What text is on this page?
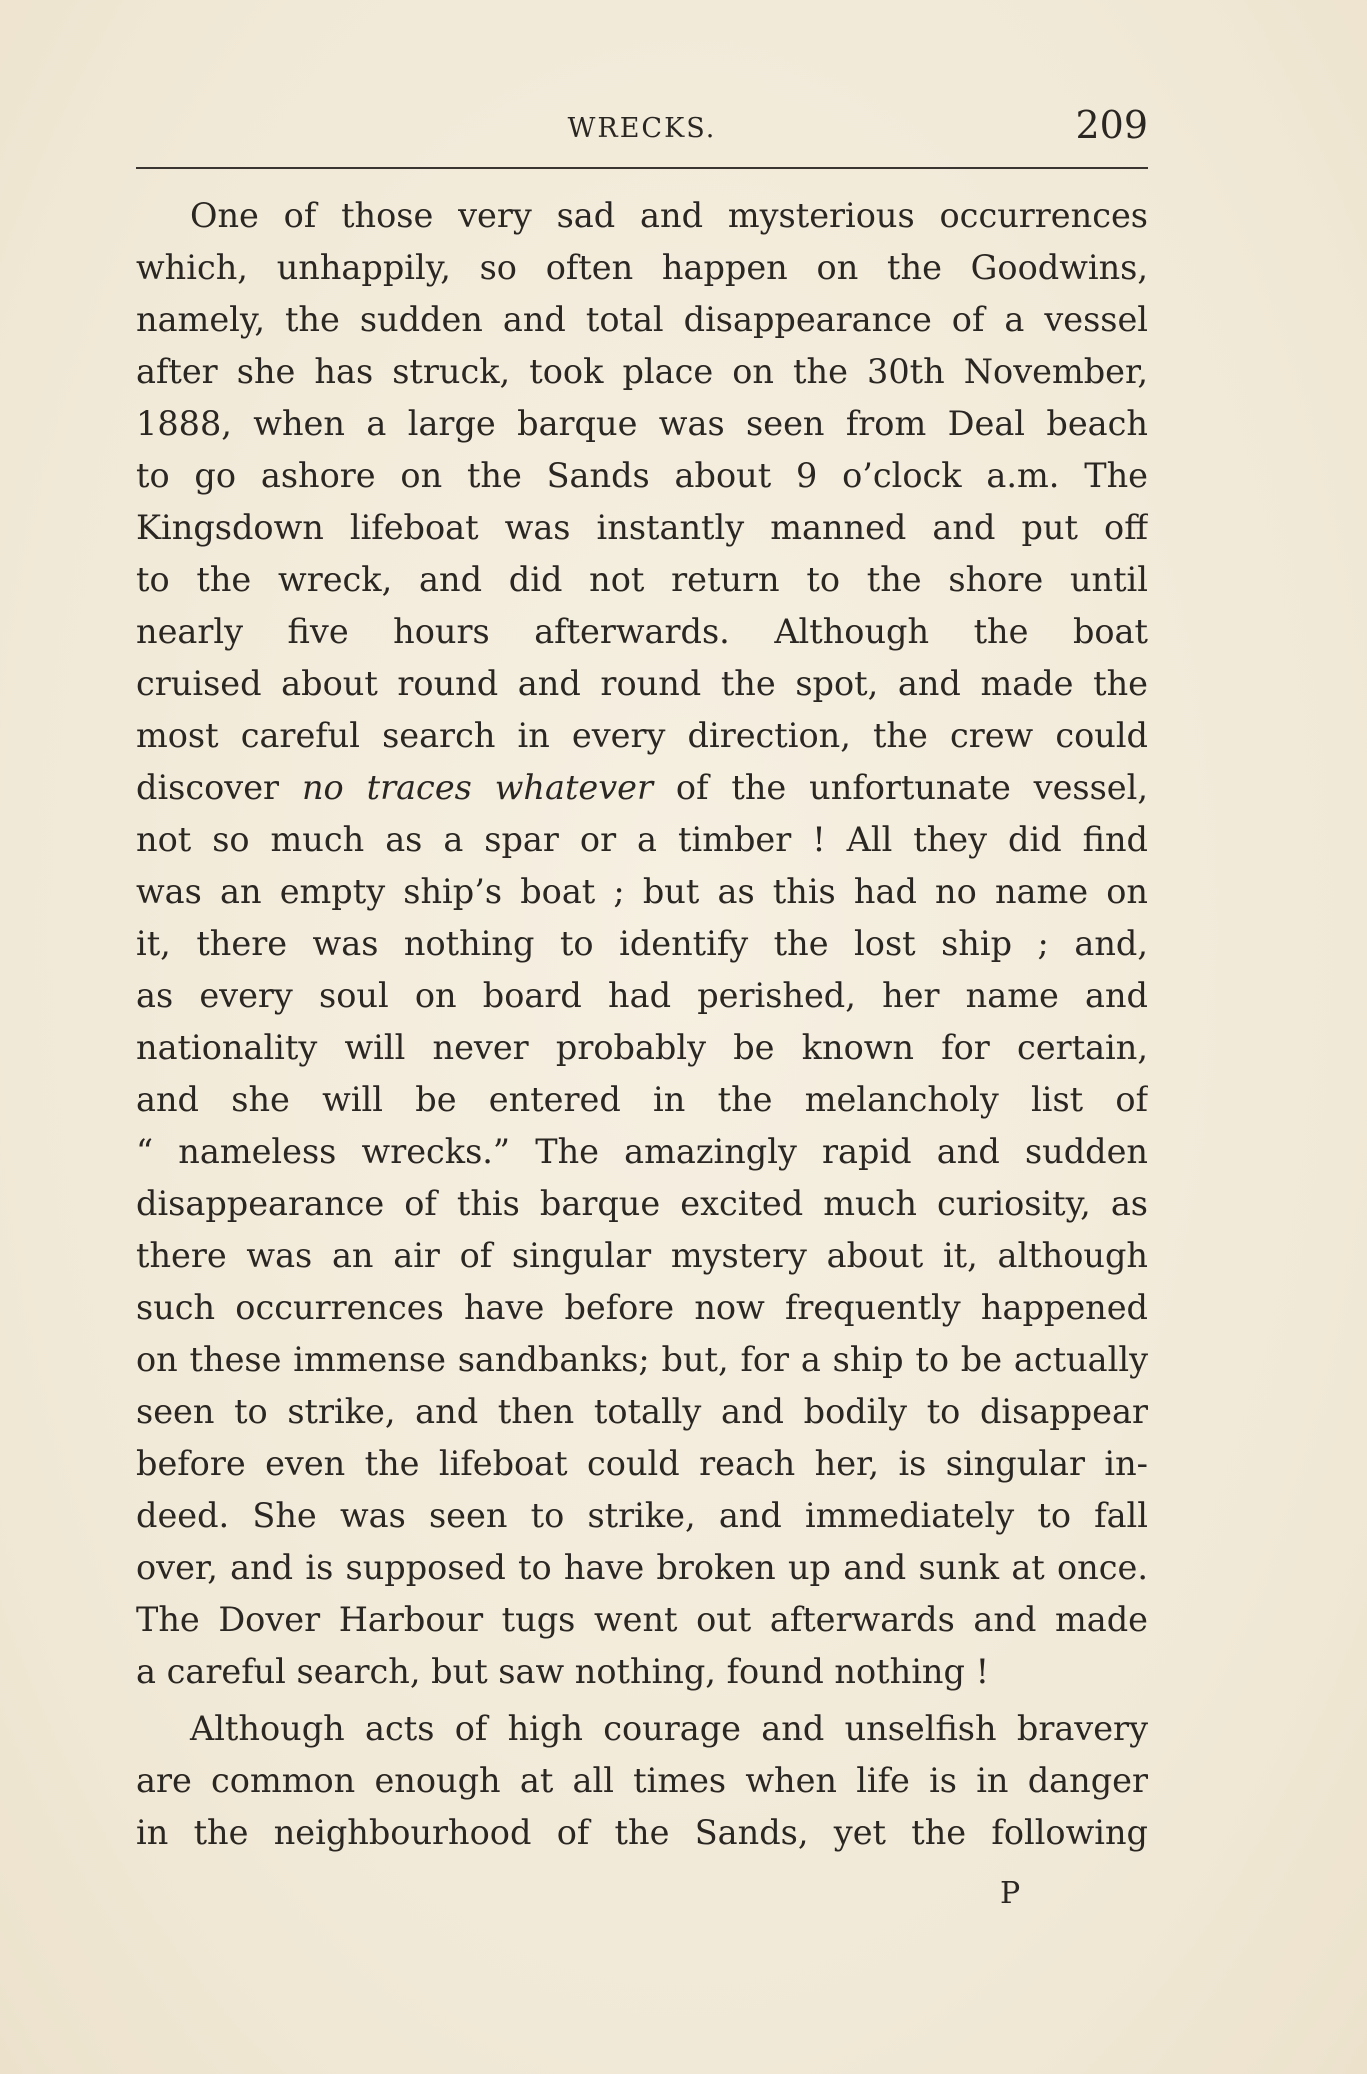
WRECKS.	209
One of those very sad and mysterious occurrences
which, unhappily, so often happen on the Goodwins,
namely, the sudden and total disappearance of a vessel
after she has struck, took place on the 30th November,
1888, when a large barque was seen from Deal beach
to go ashore on the Sands about 9 o’clock a.m. The
Kingsdown lifeboat was instantly manned and put off
to the wreck, and did not return to the shore until
nearly five hours afterwards. Although the boat
cruised about round and round the spot, and made the
most careful search in every direction, the crew could
discover no traces whatever of the unfortunate vessel,
not so much as a spar or a timber ! All they did find
was an empty ship’s boat ; but as this had no name on
it, there was nothing to identify the lost ship ; and,
as every soul on board had perished, her name and
nationality will never probably be known for certain,
and she will be entered in the melancholy list of
“ nameless wrecks.” The amazingly rapid and sudden
disappearance of this barque excited much curiosity, as
there was an air of singular mystery about it, although
such occurrences have before now frequently happened
on these immense sandbanks; but, for a ship to be actually
seen to strike, and then totally and bodily to disappear
before even the lifeboat could reach her, is singular in-
deed. She was seen to strike, and immediately to fall
over, and is supposed to have broken up and sunk at once.
The Dover Harbour tugs went out afterwards and made
a careful search, but saw nothing, found nothing !
Although acts of high courage and unselfish bravery
are common enough at all times when life is in danger
in the neighbourhood of the Sands, yet the following
P
